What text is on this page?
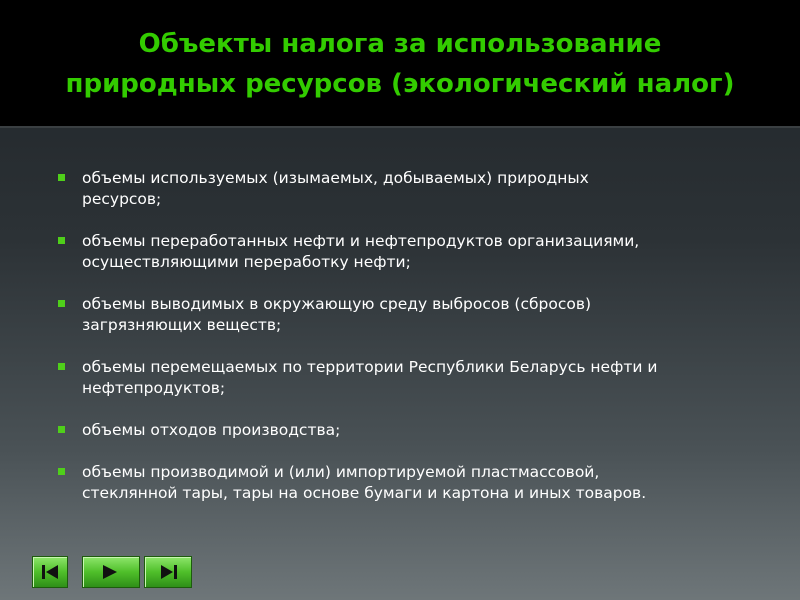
Объекты налога за использование
природных ресурсов (экологический налог)
объемы используемых (изымаемых, добываемых) природных
ресурсов;
объемы переработанных нефти и нефтепродуктов организациями,
осуществляющими переработку нефти;
объемы выводимых в окружающую среду выбросов (сбросов)
загрязняющих веществ;
объемы перемещаемых по территории Республики Беларусь нефти и
нефтепродуктов;
объемы отходов производства;
объемы производимой и (или) импортируемой пластмассовой,
стеклянной тары, тары на основе бумаги и картона и иных товаров.
